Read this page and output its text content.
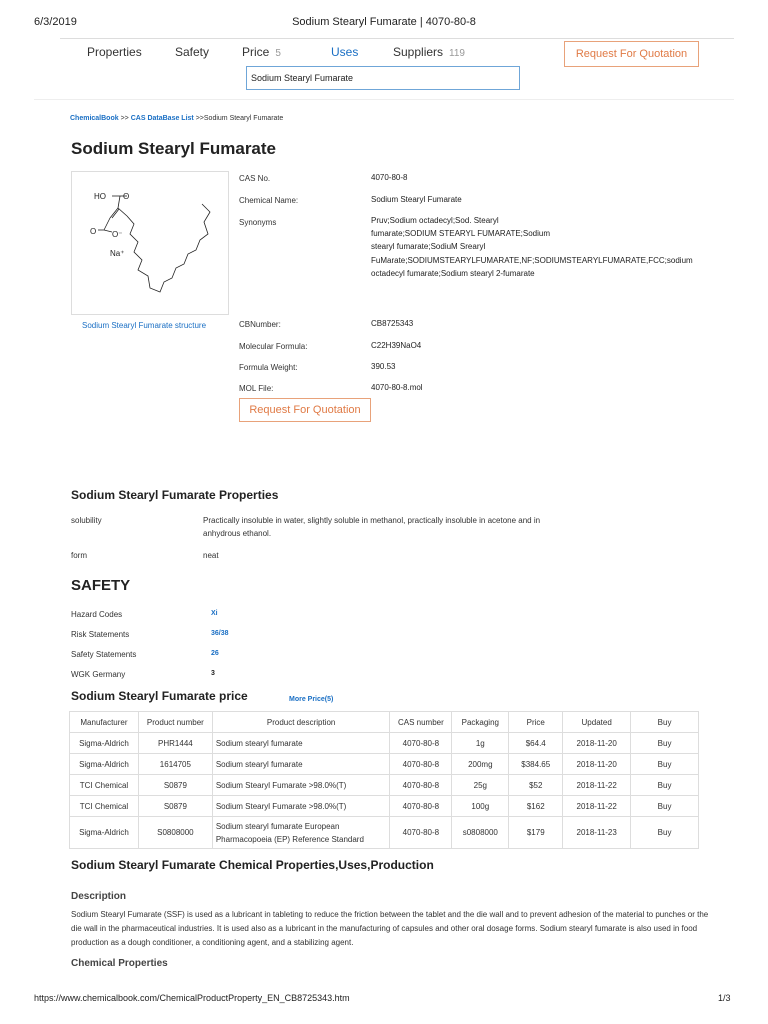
6/3/2019	Sodium Stearyl Fumarate | 4070-80-8
Properties	Safety	Price 5	Uses	Suppliers 119	Request For Quotation
Sodium Stearyl Fumarate
ChemicalBook >> CAS DataBase List >>Sodium Stearyl Fumarate
Sodium Stearyl Fumarate
HO O
O O⁻
Na⁺
Sodium Stearyl Fumarate structure
CAS No.	4070-80-8
Chemical Name:	Sodium Stearyl Fumarate
Synonyms	Pruv;Sodium octadecyl;Sod. Stearyl fumarate;SODIUM STEARYL FUMARATE;Sodium stearyl fumarate;SodiuM Srearyl FuMarate;SODIUMSTEARYLFUMARATE,NF;SODIUMSTEARYLFUMARATE,FCC;sodium octadecyl fumarate;Sodium stearyl 2-fumarate
CBNumber:	CB8725343
Molecular Formula:	C22H39NaO4
Formula Weight:	390.53
MOL File:	4070-80-8.mol
Request For Quotation
Sodium Stearyl Fumarate Properties
solubility	Practically insoluble in water, slightly soluble in methanol, practically insoluble in acetone and in anhydrous ethanol.
form	neat
SAFETY
Hazard Codes	Xi
Risk Statements	36/38
Safety Statements	26
WGK Germany	3
Sodium Stearyl Fumarate price	More Price(5)
Manufacturer	Product number	Product description	CAS number	Packaging	Price	Updated	Buy
Sigma-Aldrich	PHR1444	Sodium stearyl fumarate	4070-80-8	1g	$64.4	2018-11-20	Buy
Sigma-Aldrich	1614705	Sodium stearyl fumarate	4070-80-8	200mg	$384.65	2018-11-20	Buy
TCI Chemical	S0879	Sodium Stearyl Fumarate >98.0%(T)	4070-80-8	25g	$52	2018-11-22	Buy
TCI Chemical	S0879	Sodium Stearyl Fumarate >98.0%(T)	4070-80-8	100g	$162	2018-11-22	Buy
Sigma-Aldrich	S0808000	Sodium stearyl fumarate European Pharmacopoeia (EP) Reference Standard	4070-80-8	s0808000	$179	2018-11-23	Buy
Sodium Stearyl Fumarate Chemical Properties,Uses,Production
Description
Sodium Stearyl Fumarate (SSF) is used as a lubricant in tableting to reduce the friction between the tablet and the die wall and to prevent adhesion of the material to punches or the die wall in the pharmaceutical industries. It is used also as a lubricant in the manufacturing of capsules and other oral dosage forms. Sodium stearyl fumarate is also used in food production as a dough conditioner, a conditioning agent, and a stabilizing agent.
Chemical Properties
https://www.chemicalbook.com/ChemicalProductProperty_EN_CB8725343.htm	1/3
